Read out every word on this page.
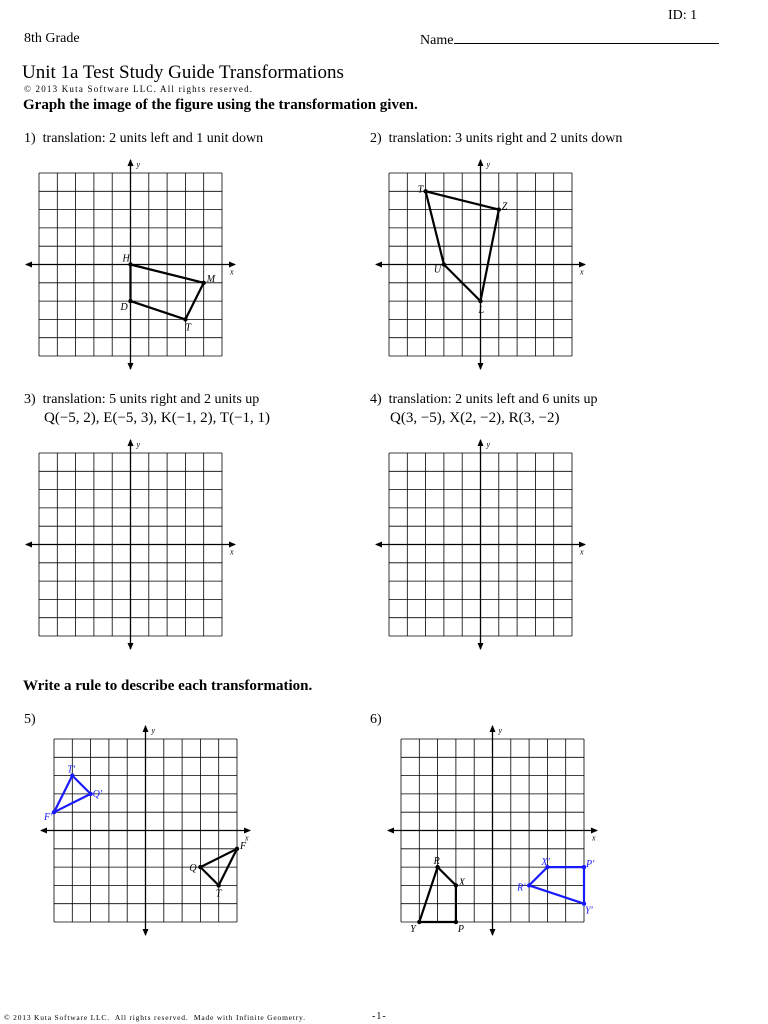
ID: 1
8th Grade	Name
Unit 1a Test Study Guide Transformations
© 2013 Kuta Software LLC. All rights reserved.
Graph the image of the figure using the transformation given.
1) translation: 2 units left and 1 unit down	2) translation: 3 units right and 2 units down
3) translation: 5 units right and 2 units up
Q(−5, 2), E(−5, 3), K(−1, 2), T(−1, 1)
4) translation: 2 units left and 6 units up
Q(3, −5), X(2, −2), R(3, −2)
Write a rule to describe each transformation.
5)	6)
x
y
H
M
T
D
x
y
T
Z
L
U
x
y
x
y
x
y
T'
Q'
F'
F
Q
T
x
y
R
X
P
Y
X'	P'
Y'
R'
© 2013 Kuta Software LLC.  All rights reserved.  Made with Infinite Geometry.	-1-
